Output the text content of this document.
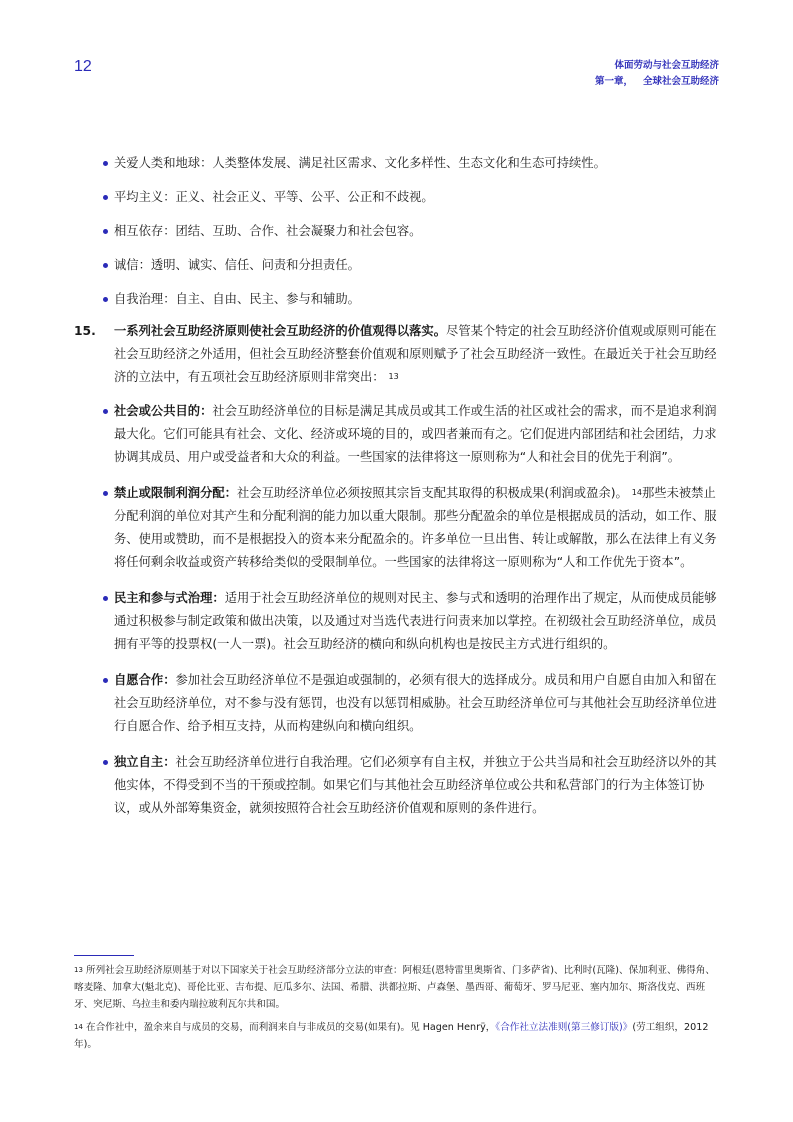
12	体面劳动与社会互助经济
第一章， 全球社会互助经济
关爱人类和地球：人类整体发展、满足社区需求、文化多样性、生态文化和生态可持续性。
平均主义：正义、社会正义、平等、公平、公正和不歧视。
相互依存：团结、互助、合作、社会凝聚力和社会包容。
诚信：透明、诚实、信任、问责和分担责任。
自我治理：自主、自由、民主、参与和辅助。
15. 一系列社会互助经济原则使社会互助经济的价值观得以落实。尽管某个特定的社会互助经济价值观或原则可能在社会互助经济之外适用，但社会互助经济整套价值观和原则赋予了社会互助经济一致性。在最近关于社会互助经济的立法中，有五项社会互助经济原则非常突出： $^{13}$
社会或公共目的：社会互助经济单位的目标是满足其成员或其工作或生活的社区或社会的需求，而不是追求利润最大化。它们可能具有社会、文化、经济或环境的目的，或四者兼而有之。它们促进内部团结和社会团结，力求协调其成员、用户或受益者和大众的利益。一些国家的法律将这一原则称为“人和社会目的优先于利润”。
禁止或限制利润分配：社会互助经济单位必须按照其宗旨支配其取得的积极成果(利润或盈余)。 $^{14}$那些未被禁止分配利润的单位对其产生和分配利润的能力加以重大限制。那些分配盈余的单位是根据成员的活动，如工作、服务、使用或赞助，而不是根据投入的资本来分配盈余的。许多单位一旦出售、转让或解散，那么在法律上有义务将任何剩余收益或资产转移给类似的受限制单位。一些国家的法律将这一原则称为“人和工作优先于资本”。
民主和参与式治理：适用于社会互助经济单位的规则对民主、参与式和透明的治理作出了规定，从而使成员能够通过积极参与制定政策和做出决策，以及通过对当选代表进行问责来加以掌控。在初级社会互助经济单位，成员拥有平等的投票权(一人一票)。社会互助经济的横向和纵向机构也是按民主方式进行组织的。
自愿合作：参加社会互助经济单位不是强迫或强制的，必须有很大的选择成分。成员和用户自愿自由加入和留在社会互助经济单位，对不参与没有惩罚，也没有以惩罚相威胁。社会互助经济单位可与其他社会互助经济单位进行自愿合作、给予相互支持，从而构建纵向和横向组织。
独立自主：社会互助经济单位进行自我治理。它们必须享有自主权，并独立于公共当局和社会互助经济以外的其他实体，不得受到不当的干预或控制。如果它们与其他社会互助经济单位或公共和私营部门的行为主体签订协议，或从外部筹集资金，就须按照符合社会互助经济价值观和原则的条件进行。

$^{13}$ 所列社会互助经济原则基于对以下国家关于社会互助经济部分立法的审查：阿根廷(恩特雷里奥斯省、门多萨省)、比利时(瓦隆)、保加利亚、佛得角、喀麦隆、加拿大(魁北克)、哥伦比亚、吉布提、厄瓜多尔、法国、希腊、洪都拉斯、卢森堡、墨西哥、葡萄牙、罗马尼亚、塞内加尔、斯洛伐克、西班牙、突尼斯、乌拉圭和委内瑞拉玻利瓦尔共和国。

$^{14}$ 在合作社中，盈余来自与成员的交易，而利润来自与非成员的交易(如果有)。见 Hagen Henrÿ，《合作社立法准则(第三修订版)》(劳工组织，2012 年)。
